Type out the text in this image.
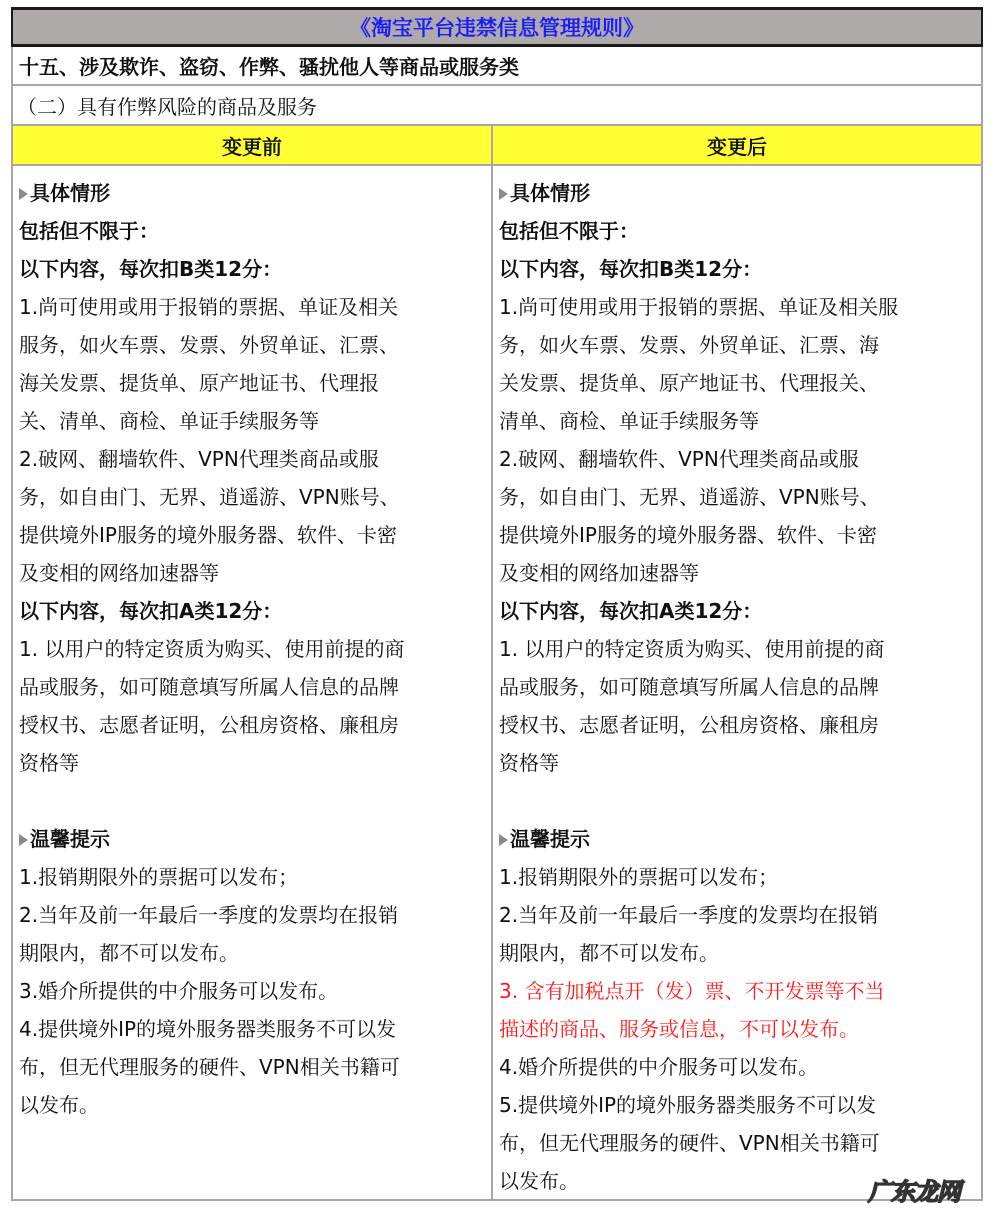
《淘宝平台违禁信息管理规则》
十五、涉及欺诈、盗窃、作弊、骚扰他人等商品或服务类
（二）具有作弊风险的商品及服务
变更前	变更后
具体情形
包括但不限于：
以下内容，每次扣B类12分：
1.尚可使用或用于报销的票据、单证及相关
服务，如火车票、发票、外贸单证、汇票、
海关发票、提货单、原产地证书、代理报
关、清单、商检、单证手续服务等
2.破网、翻墙软件、VPN代理类商品或服
务，如自由门、无界、逍遥游、VPN账号、
提供境外IP服务的境外服务器、软件、卡密
及变相的网络加速器等
以下内容，每次扣A类12分：
1. 以用户的特定资质为购买、使用前提的商
品或服务，如可随意填写所属人信息的品牌
授权书、志愿者证明，公租房资格、廉租房
资格等
温馨提示
1.报销期限外的票据可以发布；
2.当年及前一年最后一季度的发票均在报销
期限内，都不可以发布。
3.婚介所提供的中介服务可以发布。
4.提供境外IP的境外服务器类服务不可以发
布，但无代理服务的硬件、VPN相关书籍可
以发布。
具体情形
包括但不限于：
以下内容，每次扣B类12分：
1.尚可使用或用于报销的票据、单证及相关服
务，如火车票、发票、外贸单证、汇票、海
关发票、提货单、原产地证书、代理报关、
清单、商检、单证手续服务等
2.破网、翻墙软件、VPN代理类商品或服
务，如自由门、无界、逍遥游、VPN账号、
提供境外IP服务的境外服务器、软件、卡密
及变相的网络加速器等
以下内容，每次扣A类12分：
1. 以用户的特定资质为购买、使用前提的商
品或服务，如可随意填写所属人信息的品牌
授权书、志愿者证明，公租房资格、廉租房
资格等
温馨提示
1.报销期限外的票据可以发布；
2.当年及前一年最后一季度的发票均在报销
期限内，都不可以发布。
3. 含有加税点开（发）票、不开发票等不当
描述的商品、服务或信息，不可以发布。
4.婚介所提供的中介服务可以发布。
5.提供境外IP的境外服务器类服务不可以发
布，但无代理服务的硬件、VPN相关书籍可
以发布。	广东龙网
